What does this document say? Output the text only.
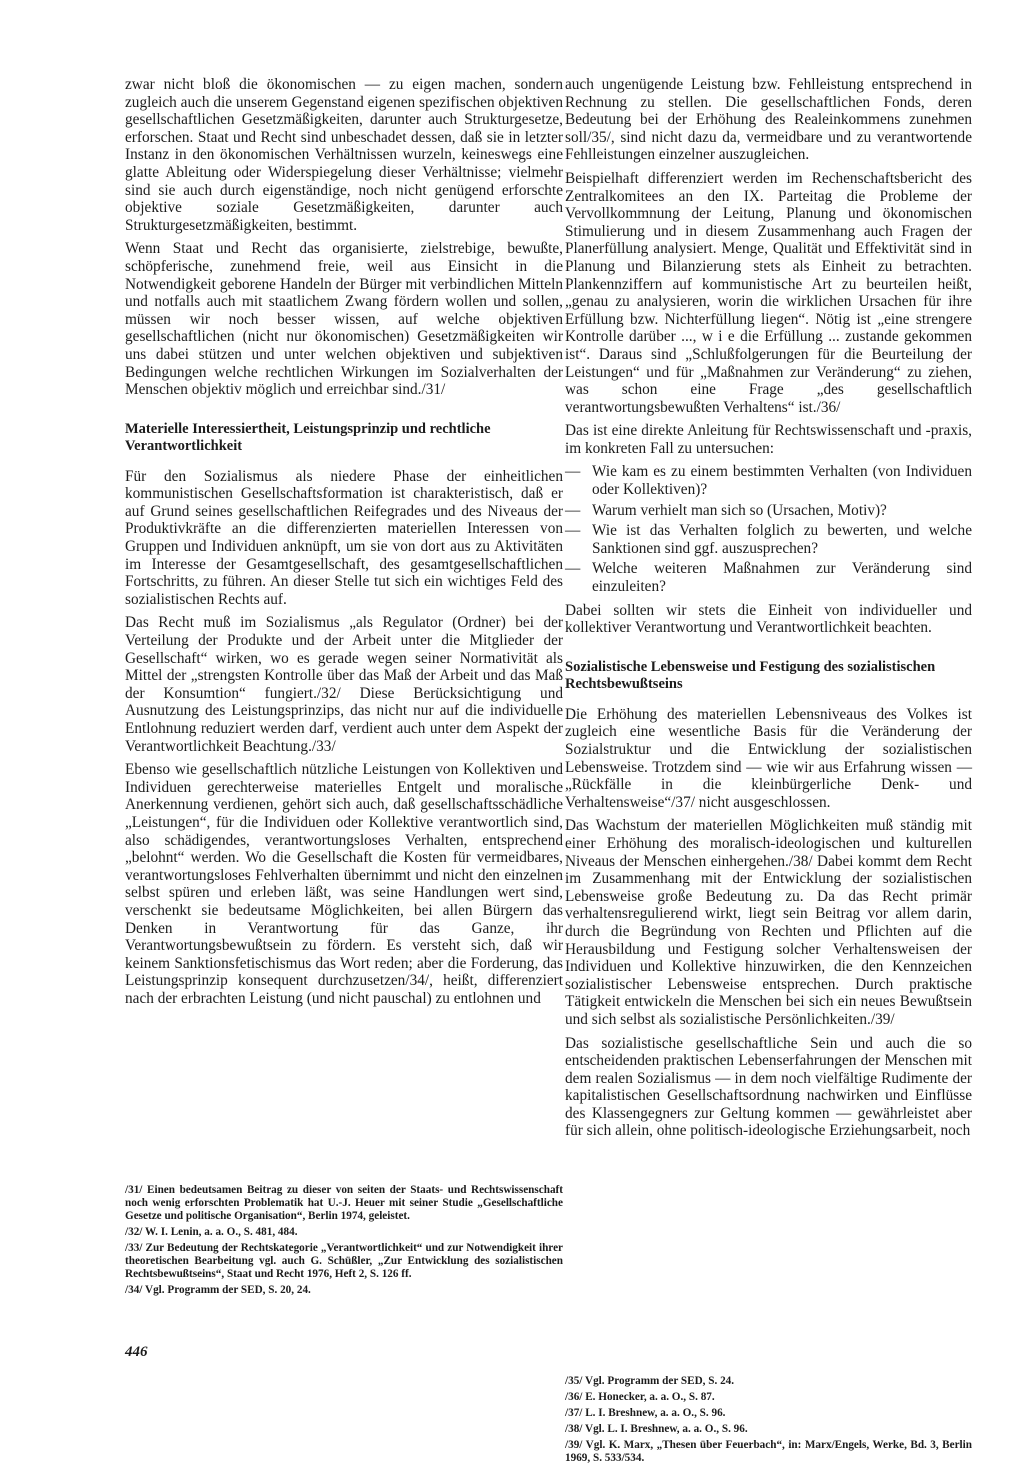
zwar nicht bloß die ökonomischen — zu eigen machen, sondern zugleich auch die unserem Gegenstand eigenen spezifischen objektiven gesellschaftlichen Gesetzmäßigkeiten, darunter auch Strukturgesetze, erforschen. Staat und Recht sind unbeschadet dessen, daß sie in letzter Instanz in den ökonomischen Verhältnissen wurzeln, keineswegs eine glatte Ableitung oder Widerspiegelung dieser Verhältnisse; vielmehr sind sie auch durch eigenständige, noch nicht genügend erforschte objektive soziale Gesetzmäßigkeiten, darunter auch Strukturgesetzmäßigkeiten, bestimmt.

Wenn Staat und Recht das organisierte, zielstrebige, bewußte, schöpferische, zunehmend freie, weil aus Einsicht in die Notwendigkeit geborene Handeln der Bürger mit verbindlichen Mitteln und notfalls auch mit staatlichem Zwang fördern wollen und sollen, müssen wir noch besser wissen, auf welche objektiven gesellschaftlichen (nicht nur ökonomischen) Gesetzmäßigkeiten wir uns dabei stützen und unter welchen objektiven und subjektiven Bedingungen welche rechtlichen Wirkungen im Sozialverhalten der Menschen objektiv möglich und erreichbar sind./31/

Materielle Interessiertheit, Leistungsprinzip und rechtliche Verantwortlichkeit

Für den Sozialismus als niedere Phase der einheitlichen kommunistischen Gesellschaftsformation ist charakteristisch, daß er auf Grund seines gesellschaftlichen Reifegrades und des Niveaus der Produktivkräfte an die differenzierten materiellen Interessen von Gruppen und Individuen anknüpft, um sie von dort aus zu Aktivitäten im Interesse der Gesamtgesellschaft, des gesamtgesellschaftlichen Fortschritts, zu führen. An dieser Stelle tut sich ein wichtiges Feld des sozialistischen Rechts auf.

Das Recht muß im Sozialismus „als Regulator (Ordner) bei der Verteilung der Produkte und der Arbeit unter die Mitglieder der Gesellschaft“ wirken, wo es gerade wegen seiner Normativität als Mittel der „strengsten Kontrolle über das Maß der Arbeit und das Maß der Konsumtion“ fungiert./32/ Diese Berücksichtigung und Ausnutzung des Leistungsprinzips, das nicht nur auf die individuelle Entlohnung reduziert werden darf, verdient auch unter dem Aspekt der Verantwortlichkeit Beachtung./33/

Ebenso wie gesellschaftlich nützliche Leistungen von Kollektiven und Individuen gerechterweise materielles Entgelt und moralische Anerkennung verdienen, gehört sich auch, daß gesellschaftsschädliche „Leistungen“, für die Individuen oder Kollektive verantwortlich sind, also schädigendes, verantwortungsloses Verhalten, entsprechend „belohnt“ werden. Wo die Gesellschaft die Kosten für vermeidbares, verantwortungsloses Fehlverhalten übernimmt und nicht den einzelnen selbst spüren und erleben läßt, was seine Handlungen wert sind, verschenkt sie bedeutsame Möglichkeiten, bei allen Bürgern das Denken in Verantwortung für das Ganze, ihr Verantwortungsbewußtsein zu fördern. Es versteht sich, daß wir keinem Sanktionsfetischismus das Wort reden; aber die Forderung, das Leistungsprinzip konsequent durchzusetzen/34/, heißt, differenziert nach der erbrachten Leistung (und nicht pauschal) zu entlohnen und

/31/ Einen bedeutsamen Beitrag zu dieser von seiten der Staats- und Rechtswissenschaft noch wenig erforschten Problematik hat U.-J. Heuer mit seiner Studie „Gesellschaftliche Gesetze und politische Organisation“, Berlin 1974, geleistet.

/32/ W. I. Lenin, a. a. O., S. 481, 484.

/33/ Zur Bedeutung der Rechtskategorie „Verantwortlichkeit“ und zur Notwendigkeit ihrer theoretischen Bearbeitung vgl. auch G. Schüßler, „Zur Entwicklung des sozialistischen Rechtsbewußtseins“, Staat und Recht 1976, Heft 2, S. 126 ff.

/34/ Vgl. Programm der SED, S. 20, 24.

446

auch ungenügende Leistung bzw. Fehlleistung entsprechend in Rechnung zu stellen. Die gesellschaftlichen Fonds, deren Bedeutung bei der Erhöhung des Realeinkommens zunehmen soll/35/, sind nicht dazu da, vermeidbare und zu verantwortende Fehlleistungen einzelner auszugleichen.

Beispielhaft differenziert werden im Rechenschaftsbericht des Zentralkomitees an den IX. Parteitag die Probleme der Vervollkommnung der Leitung, Planung und ökonomischen Stimulierung und in diesem Zusammenhang auch Fragen der Planerfüllung analysiert. Menge, Qualität und Effektivität sind in Planung und Bilanzierung stets als Einheit zu betrachten. Plankennziffern auf kommunistische Art zu beurteilen heißt, „genau zu analysieren, worin die wirklichen Ursachen für ihre Erfüllung bzw. Nichterfüllung liegen“. Nötig ist „eine strengere Kontrolle darüber ..., w i e die Erfüllung ... zustande gekommen ist“. Daraus sind „Schlußfolgerungen für die Beurteilung der Leistungen“ und für „Maßnahmen zur Veränderung“ zu ziehen, was schon eine Frage „des gesellschaftlich verantwortungsbewußten Verhaltens“ ist./36/

Das ist eine direkte Anleitung für Rechtswissenschaft und -praxis, im konkreten Fall zu untersuchen:

— Wie kam es zu einem bestimmten Verhalten (von Individuen oder Kollektiven)?
— Warum verhielt man sich so (Ursachen, Motiv)?
— Wie ist das Verhalten folglich zu bewerten, und welche Sanktionen sind ggf. auszusprechen?
— Welche weiteren Maßnahmen zur Veränderung sind einzuleiten?

Dabei sollten wir stets die Einheit von individueller und kollektiver Verantwortung und Verantwortlichkeit beachten.

Sozialistische Lebensweise und Festigung des sozialistischen Rechtsbewußtseins

Die Erhöhung des materiellen Lebensniveaus des Volkes ist zugleich eine wesentliche Basis für die Veränderung der Sozialstruktur und die Entwicklung der sozialistischen Lebensweise. Trotzdem sind — wie wir aus Erfahrung wissen — „Rückfälle in die kleinbürgerliche Denk- und Verhaltensweise“/37/ nicht ausgeschlossen.

Das Wachstum der materiellen Möglichkeiten muß ständig mit einer Erhöhung des moralisch-ideologischen und kulturellen Niveaus der Menschen einhergehen./38/ Dabei kommt dem Recht im Zusammenhang mit der Entwicklung der sozialistischen Lebensweise große Bedeutung zu. Da das Recht primär verhaltensregulierend wirkt, liegt sein Beitrag vor allem darin, durch die Begründung von Rechten und Pflichten auf die Herausbildung und Festigung solcher Verhaltensweisen der Individuen und Kollektive hinzuwirken, die den Kennzeichen sozialistischer Lebensweise entsprechen. Durch praktische Tätigkeit entwickeln die Menschen bei sich ein neues Bewußtsein und sich selbst als sozialistische Persönlichkeiten./39/

Das sozialistische gesellschaftliche Sein und auch die so entscheidenden praktischen Lebenserfahrungen der Menschen mit dem realen Sozialismus — in dem noch vielfältige Rudimente der kapitalistischen Gesellschaftsordnung nachwirken und Einflüsse des Klassengegners zur Geltung kommen — gewährleistet aber für sich allein, ohne politisch-ideologische Erziehungsarbeit, noch

/35/ Vgl. Programm der SED, S. 24.

/36/ E. Honecker, a. a. O., S. 87.

/37/ L. I. Breshnew, a. a. O., S. 96.

/38/ Vgl. L. I. Breshnew, a. a. O., S. 96.

/39/ Vgl. K. Marx, „Thesen über Feuerbach“, in: Marx/Engels, Werke, Bd. 3, Berlin 1969, S. 533/534.
